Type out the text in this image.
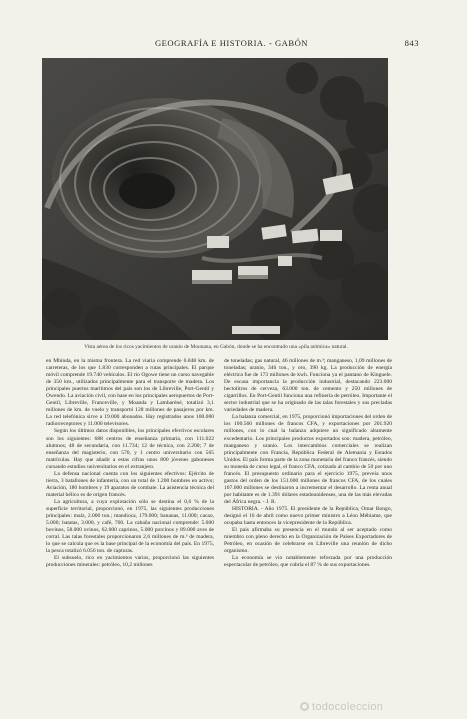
GEOGRAFÍA E HISTORIA. - GABÓN	843
Vista aérea de los ricos yacimientos de uranio de Mounana, en Gabón, donde se ha encontrado una «pila atómica» natural.

en Mbinda, en la misma frontera. La red viaria comprende 6.848 km. de carreteras, de los que 1.830 corresponden a rutas principales. El parque móvil comprende 19.740 vehículos. El río Ogowe tiene un curso navegable de 350 km., utilizados principalmente para el transporte de madera. Los principales puertos marítimos del país son los de Libreville, Port-Gentil y Owendo. La aviación civil, con base en los principales aeropuertos de Port-Gentil, Libreville, Franceville, y Moanda y Lambaréné, totalizó 3,1 millones de km. de vuelo y transportó 128 millones de pasajeros por km. La red telefónica sirve a 19.000 abonados. Hay registrados unos 100.000 radiorreceptores y 11.000 televisores.

Según los últimos datos disponibles, los principales efectivos escolares son los siguientes: 688 centros de enseñanza primaria, con 111.022 alumnos; 48 de secundaria, con 11.734; 12 de técnica, con 2.200; 7 de enseñanza del magisterio, con 570, y 1 centro universitario con 565 matrículas. Hay que añadir a estas cifras unos 800 jóvenes gaboneses cursando estudios universitarios en el extranjero.

La defensa nacional cuenta con los siguientes efectivos: Ejército de tierra, 3 batallones de infantería, con un total de 1.200 hombres en activo; Aviación, 180 hombres y 19 aparatos de combate. La asistencia técnica del material bélico es de origen francés.

La agricultura, a cuya explotación sólo se destina el 0,6 % de la superficie territorial, proporcionó, en 1975, las siguientes producciones principales: maíz, 2.000 ton.; mandioca, 179.000; bananas, 11.000; cacao, 5.000; batatas, 3.000, y café, 700. La cabaña nacional comprende: 5.000 bovinos, 58.000 ovinos, 62.000 caprinos, 5.000 porcinos y 89.000 aves de corral. Las talas forestales proporcionaron 2,6 millones de m.³ de madera, lo que se calcula que es la base principal de la economía del país. En 1975, la pesca totalizó 6.056 ton. de capturas.

El subsuelo, rico en yacimientos varios, proporcionó las siguientes producciones minerales: petróleo, 10,2 millones

de toneladas; gas natural, 46 millones de m.³; manganeso, 1,09 millones de toneladas; uranio, 346 ton., y oro, 390 kg. La producción de energía eléctrica fue de 173 millones de kwh. Funciona ya el pantano de Kinguele. De escasa importancia la producción industrial, destacando 223.000 hectolitros de cerveza, 63.000 ton. de cemento y 250 millones de cigarrillos. En Port-Gentil funciona una refinería de petróleo. Importante el sector industrial que se ha originado de las talas forestales y sus preciadas variedades de madera.

La balanza comercial, en 1975, proporcionó importaciones del orden de los 100.560 millones de francos CFA, y exportaciones por 201.920 millones, con lo cual la balanza adquiere un significado altamente excedentario. Los principales productos exportados son: madera, petróleo, manganeso y uranio. Los intercambios comerciales se realizan principalmente con Francia, República Federal de Alemania y Estados Unidos. El país forma parte de la zona monetaria del franco francés, siendo su moneda de curso legal, el franco CFA, cotizado al cambio de 50 por uno francés. El presupuesto ordinario para el ejercicio 1975, preveía unos gastos del orden de los 151.000 millones de francos CFA, de los cuales 107.000 millones se destinaron a incrementar el desarrollo. La renta anual por habitante es de 1.391 dólares estadounidenses, una de las más elevadas del África negra. - J. R.

HISTORIA. - Año 1975. El presidente de la República, Omar Bongo, designó el 16 de abril como nuevo primer ministro a Léon Mébiame, que ocupaba hasta entonces la vicepresidente de la República.

El país afirmaba su presencia en el mundo al ser aceptado como miembro con pleno derecho en la Organización de Países Exportadores de Petróleo, en ocasión de celebrarse en Libreville una reunión de dicho organismo.

La economía se vio notablemente reforzada por una producción espectacular de petróleo, que cubría el 87 % de sus exportaciones.

todocoleccion
